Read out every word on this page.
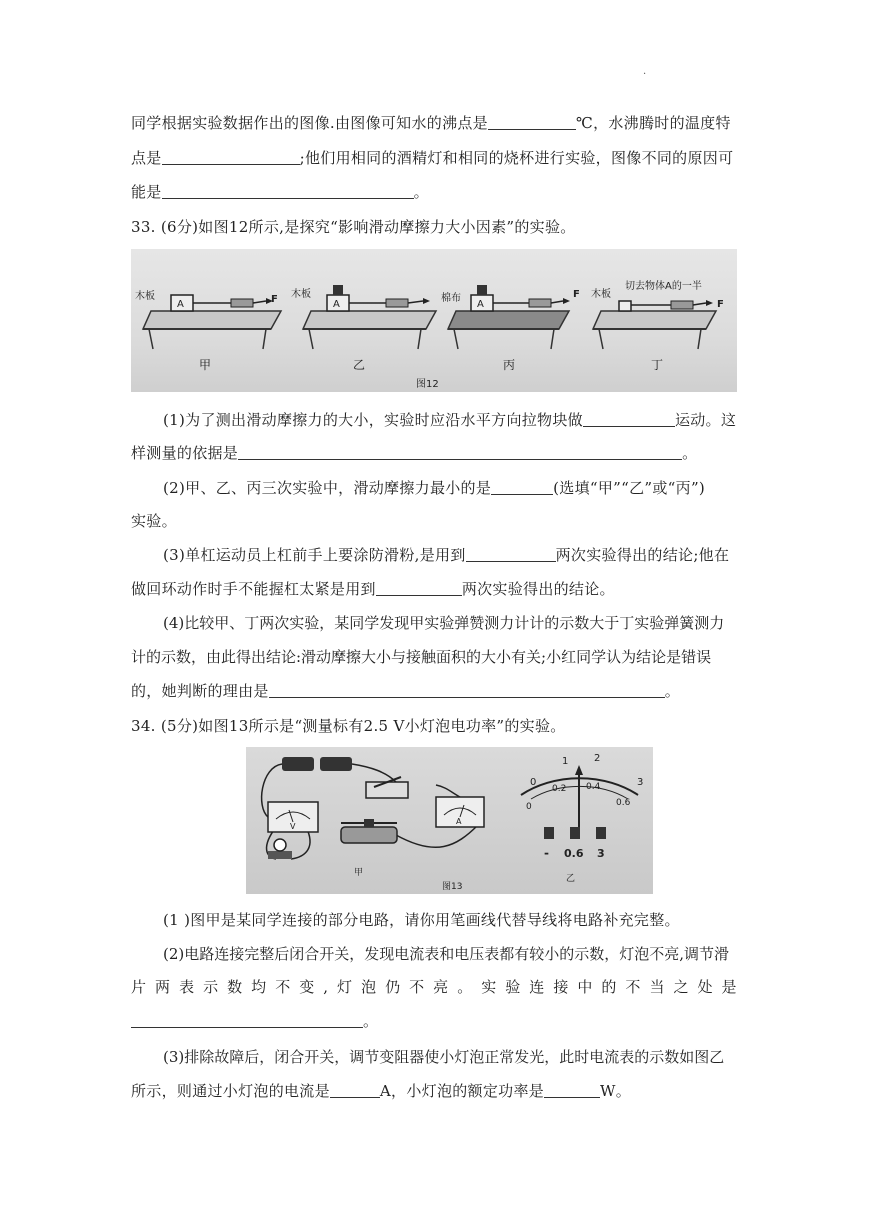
.
同学根据实验数据作出的图像.由图像可知水的沸点是	℃，水沸腾时的温度特
点是	;他们用相同的酒精灯和相同的烧杯进行实验，图像不同的原因可
能是	。
33. (6分)如图12所示,是探究“影响滑动摩擦力大小因素”的实验。
木板
A	F
甲
木板
A
乙
棉布
A
F
丙
木板
切去物体A的一半
F
丁
图12
(1)为了测出滑动摩擦力的大小，实验时应沿水平方向拉物块做	运动。这
样测量的依据是	。
(2)甲、乙、丙三次实验中，滑动摩擦力最小的是	(选填“甲”“乙”或“丙”)
实验。
(3)单杠运动员上杠前手上要涂防滑粉,是用到	两次实验得出的结论;他在
做回环动作时手不能握杠太紧是用到	两次实验得出的结论。
(4)比较甲、丁两次实验，某同学发现甲实验弹赞测力计计的示数大于丁实验弹簧测力
计的示数，由此得出结论:滑动摩擦大小与接触面积的大小有关;小红同学认为结论是错误
的，她判断的理由是	。
34. (5分)如图13所示是“测量标有2.5 V小灯泡电功率”的实验。
V
A
甲
图13
0
1	2
3
0
0.2 0.4
0.6
- 0.6 3
乙
(1 )图甲是某同学连接的部分电路，请你用笔画线代替导线将电路补充完整。
(2)电路连接完整后闭合开关，发现电流表和电压表都有较小的示数，灯泡不亮,调节滑
片 两 表 示 数 均 不 变 , 灯 泡 仍 不 亮 。 实 验 连 接 中 的 不 当 之 处 是
。
(3)排除故障后，闭合开关，调节变阻器使小灯泡正常发光，此时电流表的示数如图乙
所示，则通过小灯泡的电流是	A，小灯泡的额定功率是	W。
